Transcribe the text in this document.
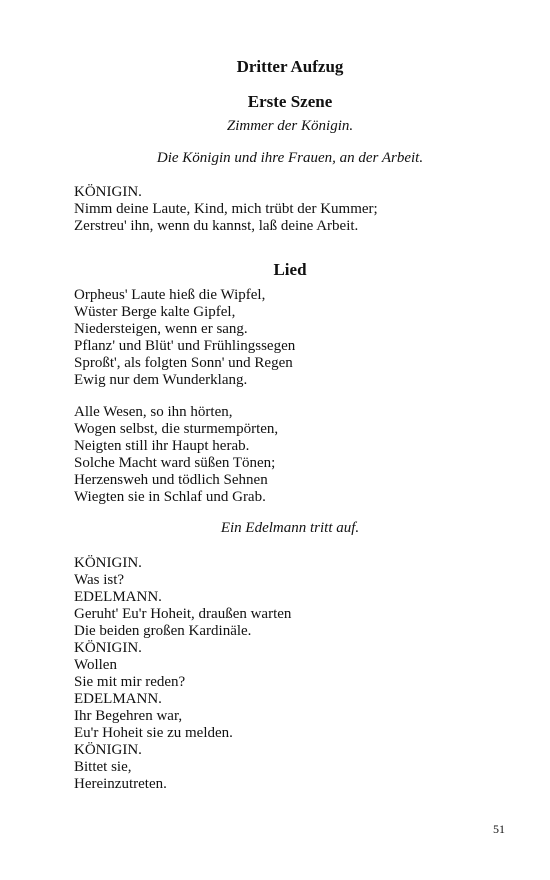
Dritter Aufzug
Erste Szene
Zimmer der Königin.
Die Königin und ihre Frauen, an der Arbeit.
KÖNIGIN.
Nimm deine Laute, Kind, mich trübt der Kummer;
Zerstreu' ihn, wenn du kannst, laß deine Arbeit.
Lied
Orpheus' Laute hieß die Wipfel,
Wüster Berge kalte Gipfel,
Niedersteigen, wenn er sang.
Pflanz' und Blüt' und Frühlingssegen
Sproßt', als folgten Sonn' und Regen
Ewig nur dem Wunderklang.
Alle Wesen, so ihn hörten,
Wogen selbst, die sturmempörten,
Neigten still ihr Haupt herab.
Solche Macht ward süßen Tönen;
Herzensweh und tödlich Sehnen
Wiegten sie in Schlaf und Grab.
Ein Edelmann tritt auf.
KÖNIGIN.
Was ist?
EDELMANN.
Geruht' Eu'r Hoheit, draußen warten
Die beiden großen Kardinäle.
KÖNIGIN.
Wollen
Sie mit mir reden?
EDELMANN.
Ihr Begehren war,
Eu'r Hoheit sie zu melden.
KÖNIGIN.
Bittet sie,
Hereinzutreten.
51
